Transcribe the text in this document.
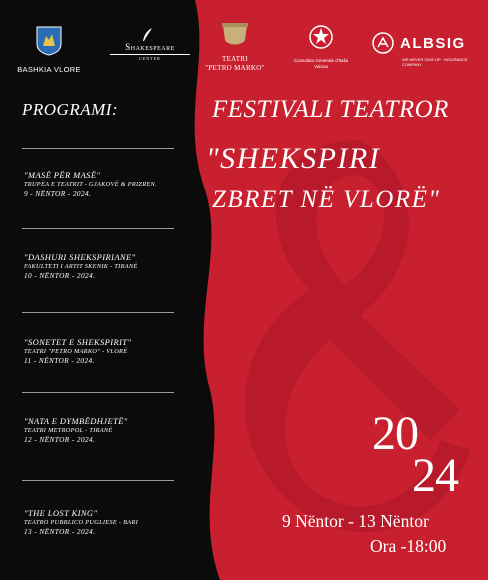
BASHKIA VLORE
Shakespeare
CENTER	TEATRI
"PETRO MARKO"
Consolato Generale d'Italia
Valona
ALBSIG
WE NEVER GIVE UP · INSURANCE COMPANY
PROGRAMI:
"MASË PËR MASË"
TRUPËA E TEATRIT - GJAKOVË & PRIZREN.
9 - NËNTOR - 2024.
"DASHURI SHEKSPIRIANE"
FAKULTETI I ARTIT SKENIK - TIRANË
10 - NËNTOR - 2024.
"SONETET E SHEKSPIRIT"
TEATRI "PETRO MARKO" - VLORË
11 - NËNTOR - 2024.
"NATA E DYMBËDHJETË"
TEATRI METROPOL - TIRANË
12 - NËNTOR - 2024.
"THE LOST KING"
TEATRO PUBBLICO PUGLIESE - BARI
13 - NËNTOR - 2024.
FESTIVALI TEATROR
"SHEKSPIRI
ZBRET NË VLORË"
20
24
9 Nëntor - 13 Nëntor
Ora -18:00
